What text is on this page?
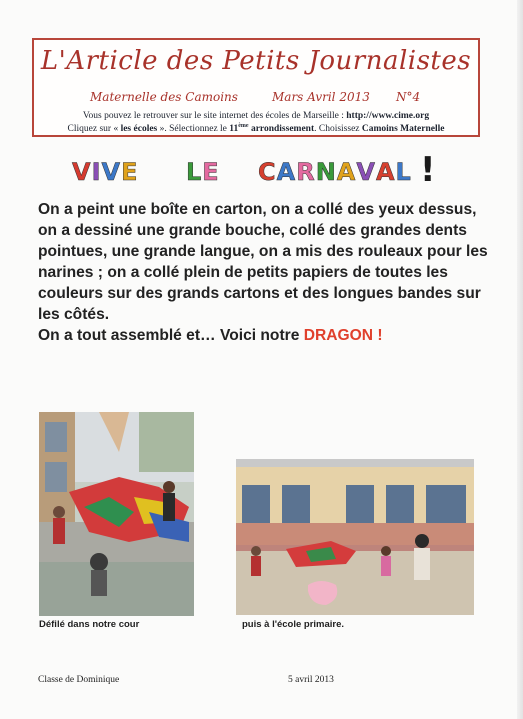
L'Article des Petits Journalistes
Maternelle des Camoins	Mars Avril 2013 N°4
Vous pouvez le retrouver sur le site internet des écoles de Marseille : http://www.cime.org
Cliquez sur « les écoles ». Sélectionnez le 11ème arrondissement. Choisissez Camoins Maternelle
VIVE LE CARNAVAL !

On a peint une boîte en carton, on a collé des yeux dessus, on a dessiné une grande bouche, collé des grandes dents pointues, une grande langue, on a mis des rouleaux pour les narines ; on a collé plein de petits papiers de toutes les couleurs sur des grands cartons et des longues bandes sur les côtés.

On a tout assemblé et… Voici notre DRAGON !

Défilé dans notre cour	puis à l'école primaire.
Classe de Dominique	5 avril 2013
